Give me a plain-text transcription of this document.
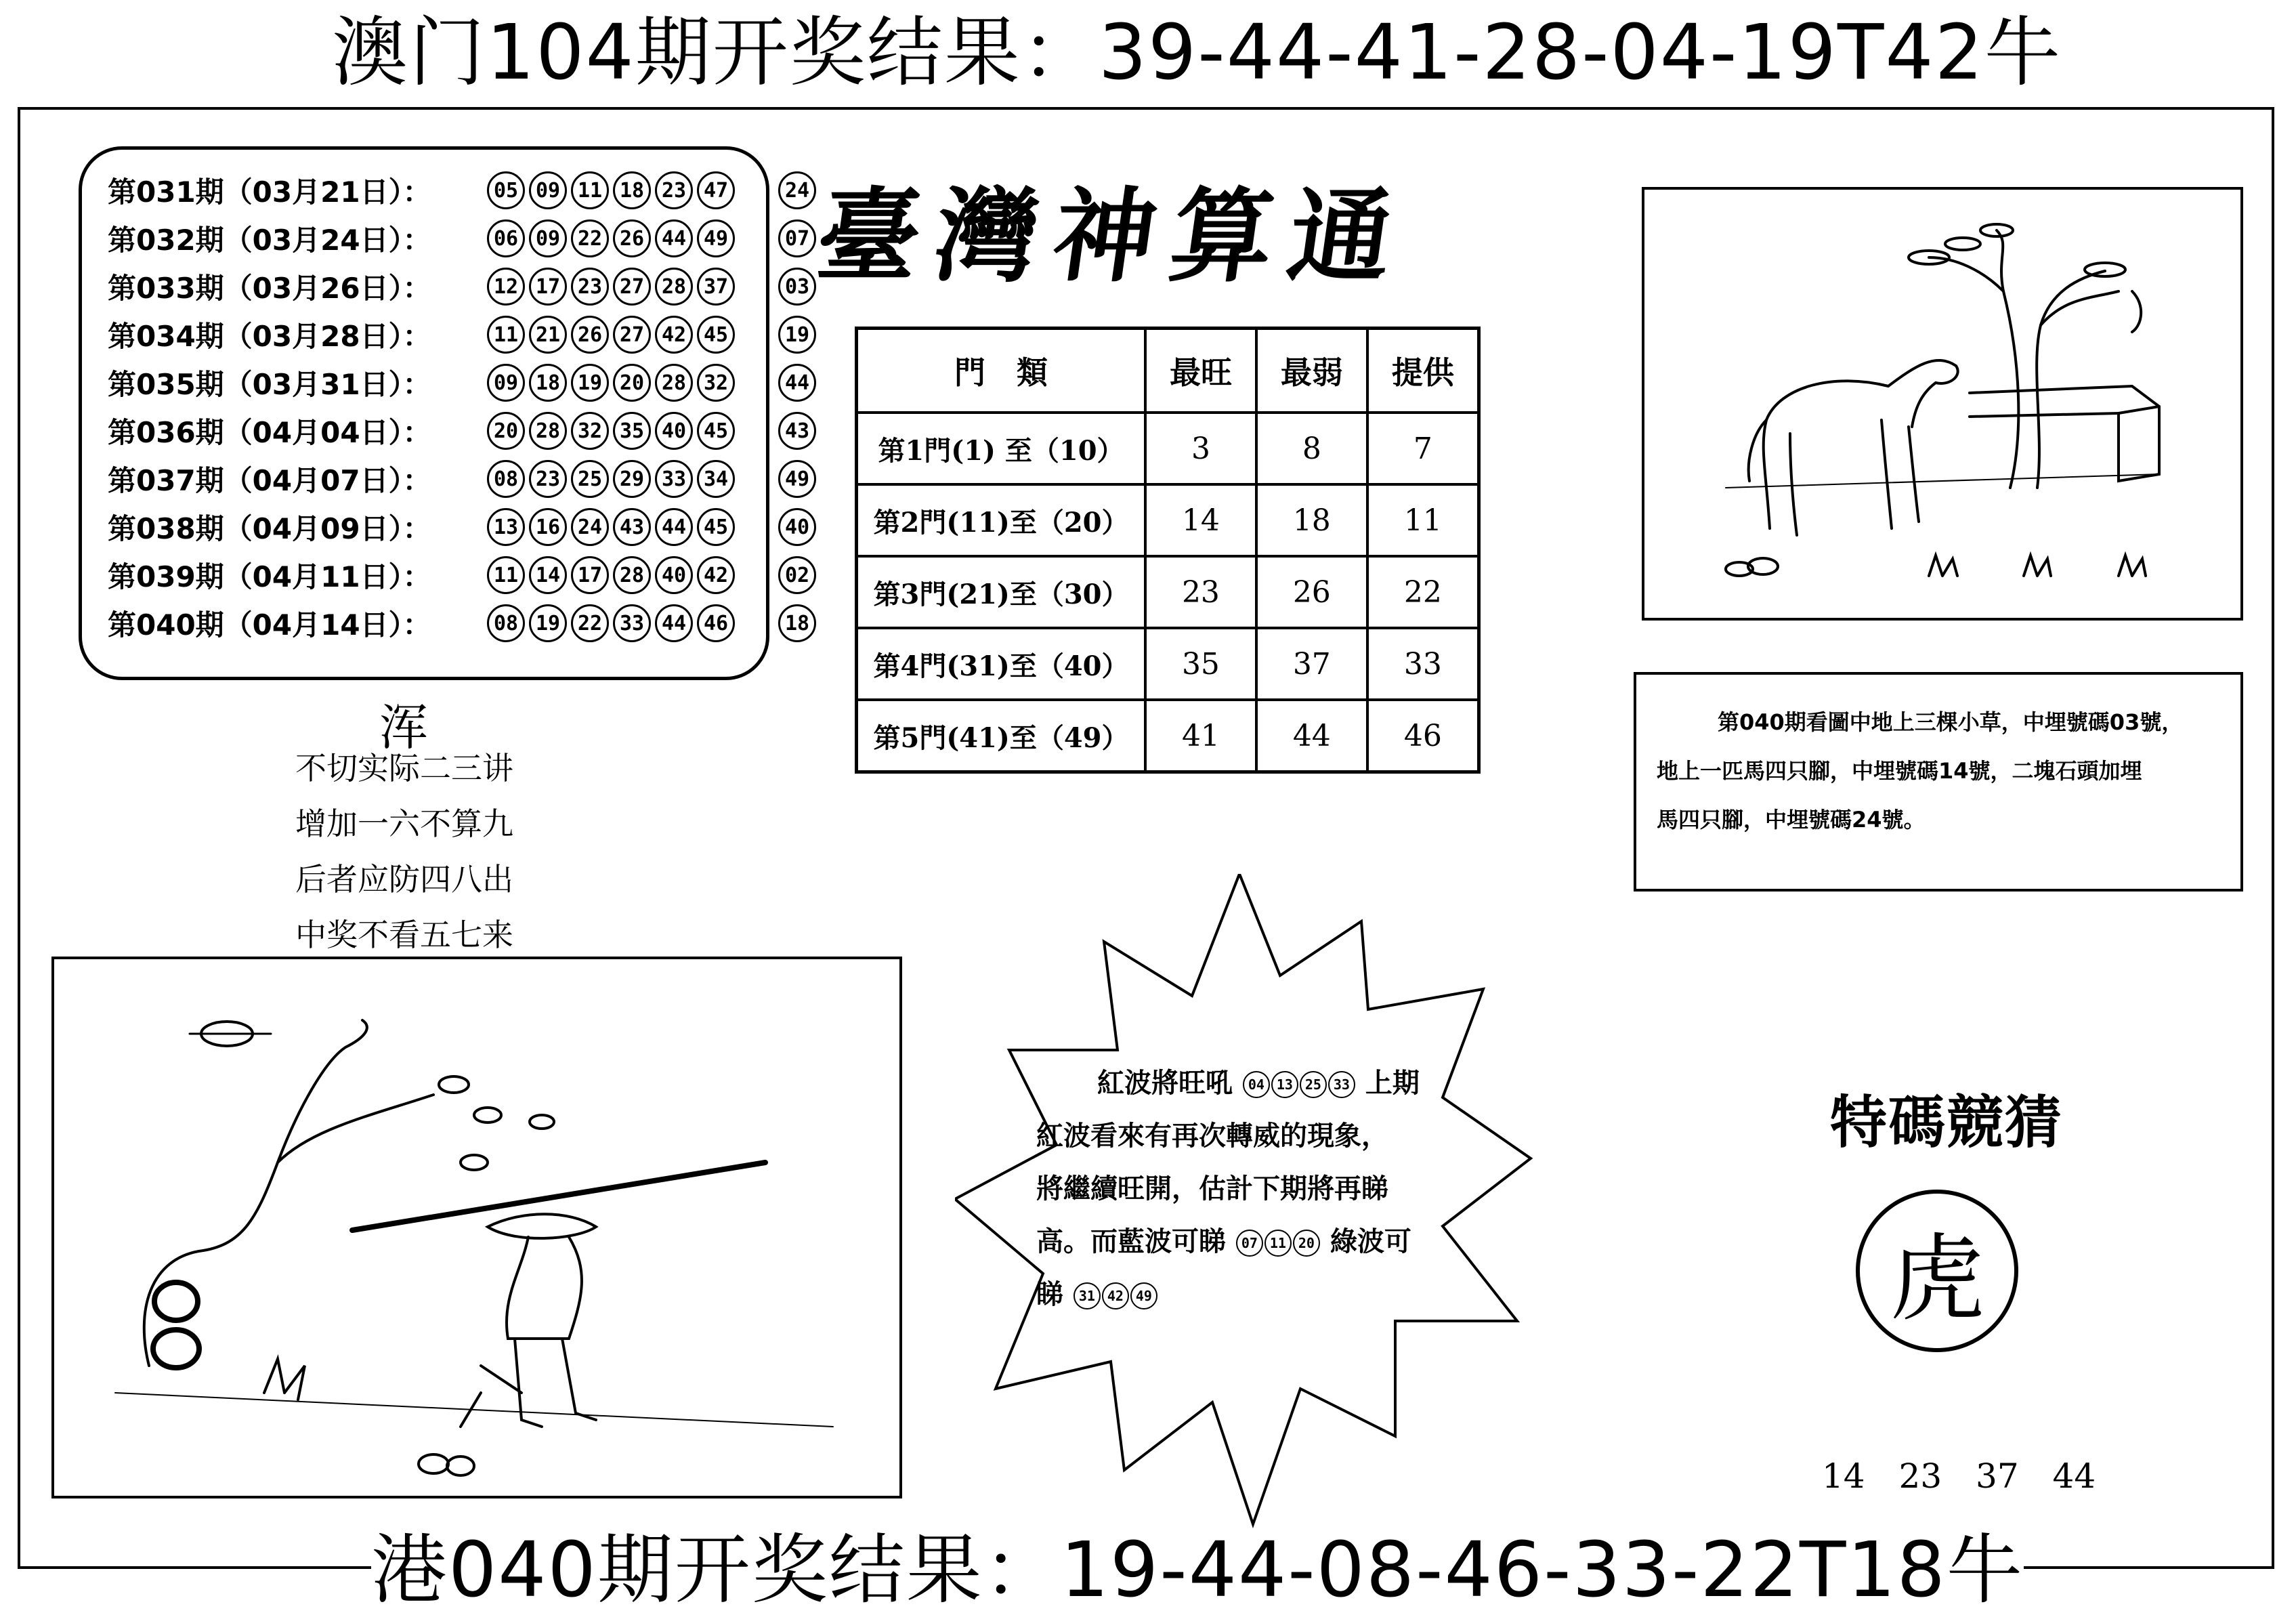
澳门104期开奖结果：39-44-41-28-04-19T42牛
第031期（03月21日）：	05 09 11 18 23 47	24
第032期（03月24日）：	06 09 22 26 44 49	07
第033期（03月26日）：	12 17 23 27 28 37	03
第034期（03月28日）：	11 21 26 27 42 45	19
第035期（03月31日）：	09 18 19 20 28 32	44
第036期（04月04日）：	20 28 32 35 40 45	43
第037期（04月07日）：	08 23 25 29 33 34	49
第038期（04月09日）：	13 16 24 43 44 45	40
第039期（04月11日）：	11 14 17 28 40 42	02
第040期（04月14日）：	08 19 22 33 44 46	18
臺灣神算通
門　類	最旺	最弱	提供
第1門(1) 至（10）	3	8	7
第2門(11)至（20）	14	18	11
第3門(21)至（30）	23	26	22
第4門(31)至（40）	35	37	33
第5門(41)至（49）	41	44	46
浑
不切实际二三讲
增加一六不算九
后者应防四八出
中奖不看五七来

第040期看圖中地上三棵小草，中埋號碼03號，

地上一匹馬四只腳，中埋號碼14號，二塊石頭加埋

馬四只腳，中埋號碼24號。

紅波將旺吼 04 13 25 33 上期
紅波看來有再次轉威的現象，
將繼續旺開，估計下期將再睇
高。而藍波可睇 07 11 20 綠波可
睇 31 42 49
特碼競猜
虎
14 23 37 44
港040期开奖结果：19-44-08-46-33-22T18牛
